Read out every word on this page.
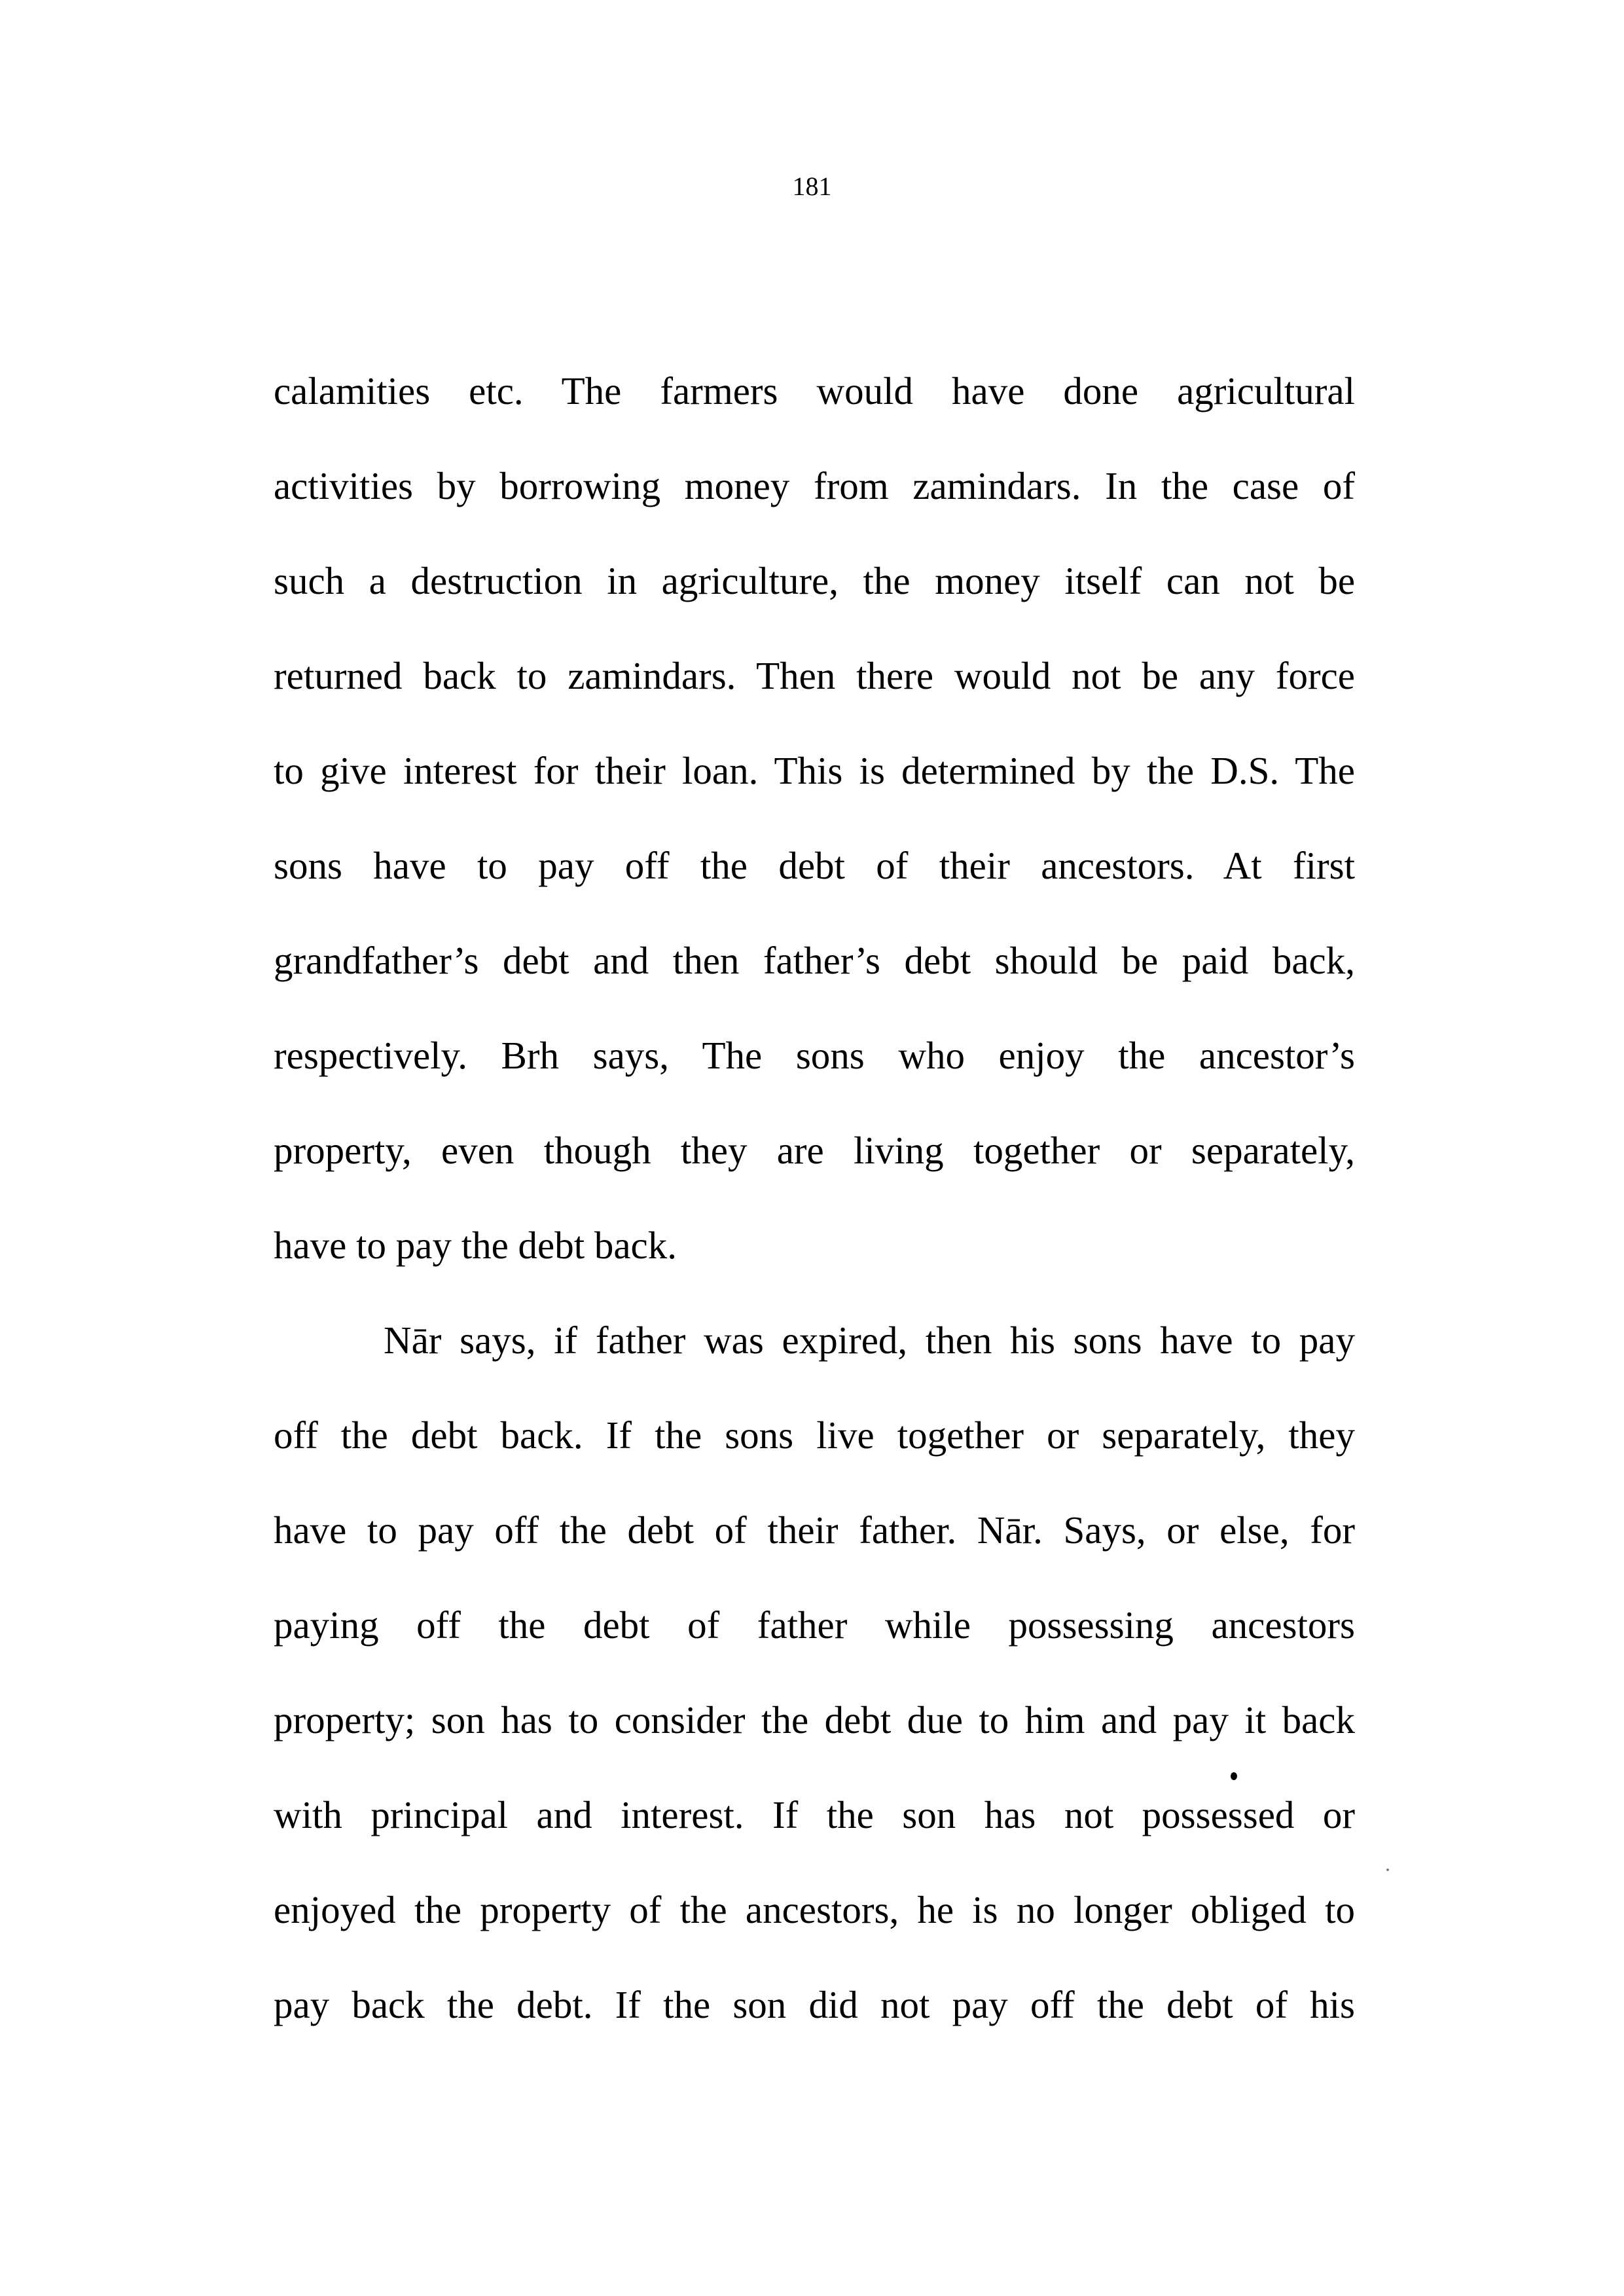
181
calamities etc. The farmers would have done agricultural
activities by borrowing money from zamindars. In the case of
such a destruction in agriculture, the money itself can not be
returned back to zamindars. Then there would not be any force
to give interest for their loan. This is determined by the D.S. The
sons have to pay off the debt of their ancestors. At first
grandfather’s debt and then father’s debt should be paid back,
respectively. Brh says, The sons who enjoy the ancestor’s
property, even though they are living together or separately,
have to pay the debt back.
Nār says, if father was expired, then his sons have to pay
off the debt back. If the sons live together or separately, they
have to pay off the debt of their father. Nār. Says, or else, for
paying off the debt of father while possessing ancestors
property; son has to consider the debt due to him and pay it back
with principal and interest. If the son has not possessed or
enjoyed the property of the ancestors, he is no longer obliged to
pay back the debt. If the son did not pay off the debt of his
